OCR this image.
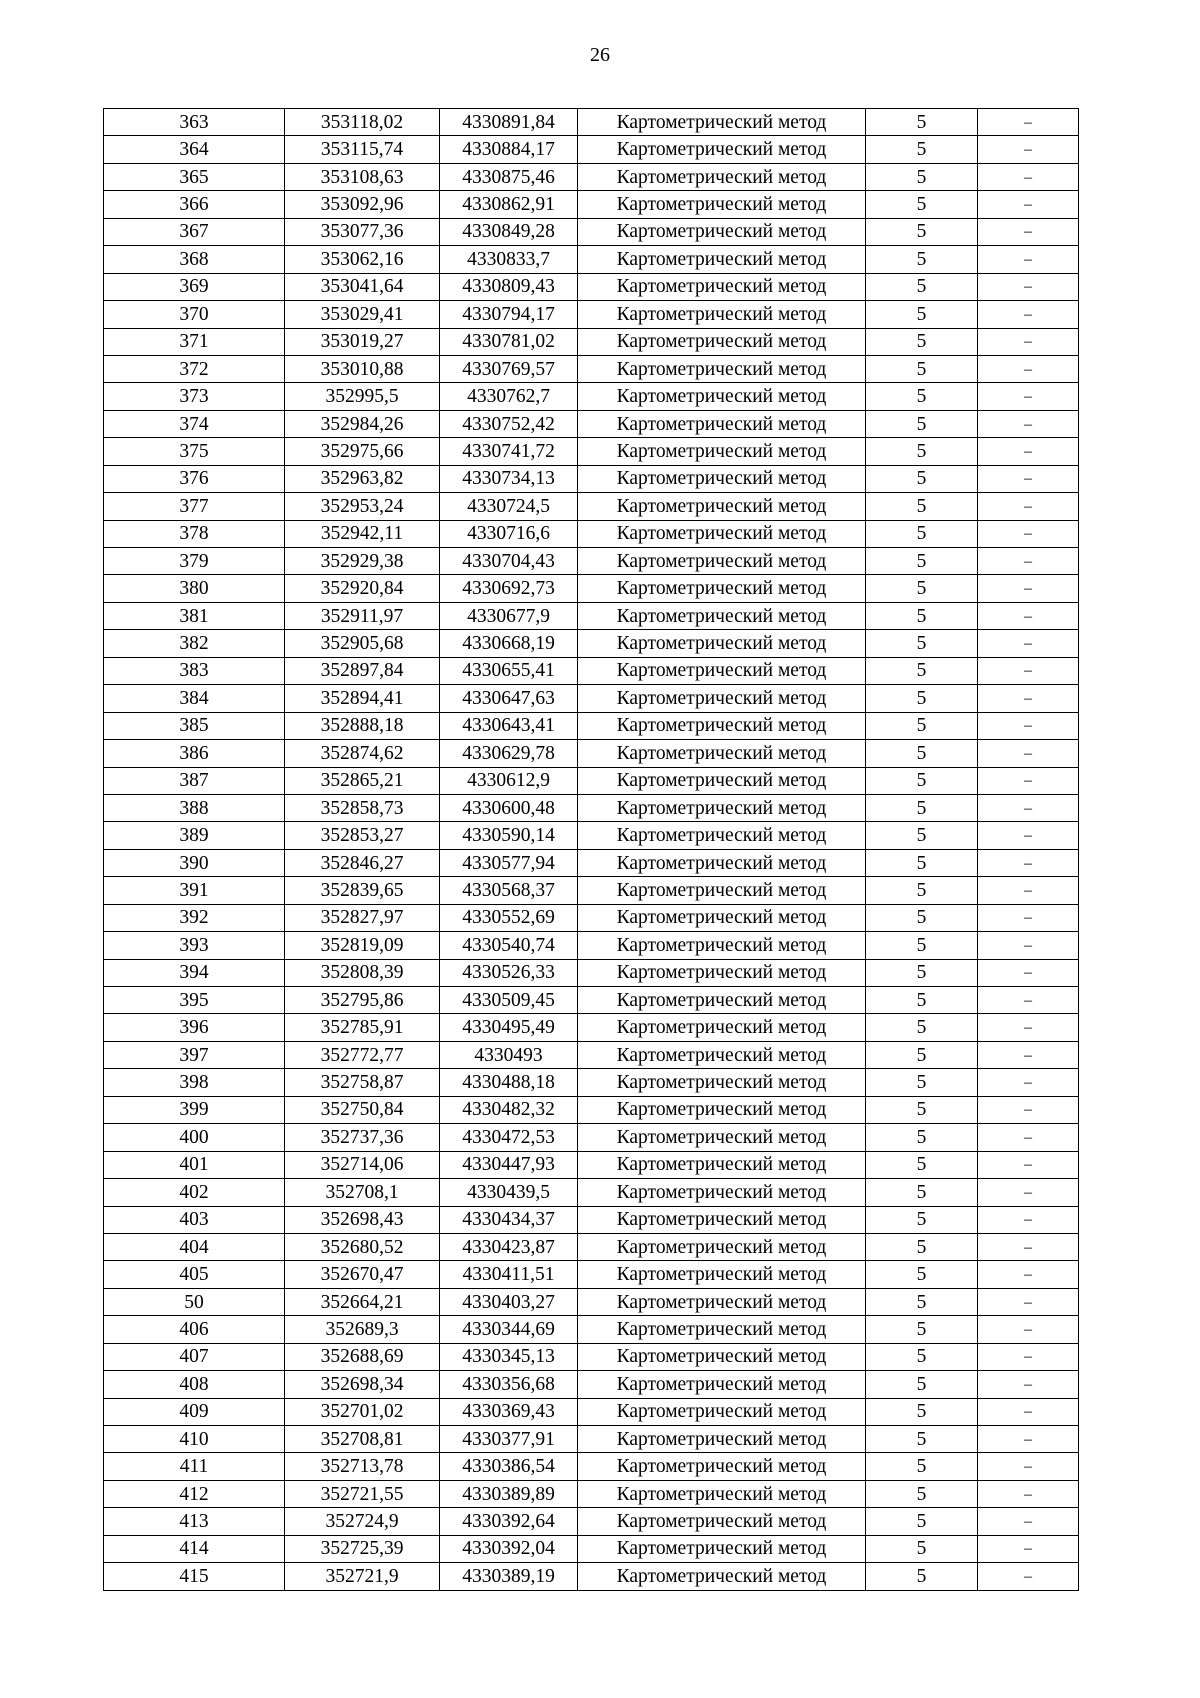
26
363	353118,02	4330891,84	Картометрический метод	5	–
364	353115,74	4330884,17	Картометрический метод	5	–
365	353108,63	4330875,46	Картометрический метод	5	–
366	353092,96	4330862,91	Картометрический метод	5	–
367	353077,36	4330849,28	Картометрический метод	5	–
368	353062,16	4330833,7	Картометрический метод	5	–
369	353041,64	4330809,43	Картометрический метод	5	–
370	353029,41	4330794,17	Картометрический метод	5	–
371	353019,27	4330781,02	Картометрический метод	5	–
372	353010,88	4330769,57	Картометрический метод	5	–
373	352995,5	4330762,7	Картометрический метод	5	–
374	352984,26	4330752,42	Картометрический метод	5	–
375	352975,66	4330741,72	Картометрический метод	5	–
376	352963,82	4330734,13	Картометрический метод	5	–
377	352953,24	4330724,5	Картометрический метод	5	–
378	352942,11	4330716,6	Картометрический метод	5	–
379	352929,38	4330704,43	Картометрический метод	5	–
380	352920,84	4330692,73	Картометрический метод	5	–
381	352911,97	4330677,9	Картометрический метод	5	–
382	352905,68	4330668,19	Картометрический метод	5	–
383	352897,84	4330655,41	Картометрический метод	5	–
384	352894,41	4330647,63	Картометрический метод	5	–
385	352888,18	4330643,41	Картометрический метод	5	–
386	352874,62	4330629,78	Картометрический метод	5	–
387	352865,21	4330612,9	Картометрический метод	5	–
388	352858,73	4330600,48	Картометрический метод	5	–
389	352853,27	4330590,14	Картометрический метод	5	–
390	352846,27	4330577,94	Картометрический метод	5	–
391	352839,65	4330568,37	Картометрический метод	5	–
392	352827,97	4330552,69	Картометрический метод	5	–
393	352819,09	4330540,74	Картометрический метод	5	–
394	352808,39	4330526,33	Картометрический метод	5	–
395	352795,86	4330509,45	Картометрический метод	5	–
396	352785,91	4330495,49	Картометрический метод	5	–
397	352772,77	4330493	Картометрический метод	5	–
398	352758,87	4330488,18	Картометрический метод	5	–
399	352750,84	4330482,32	Картометрический метод	5	–
400	352737,36	4330472,53	Картометрический метод	5	–
401	352714,06	4330447,93	Картометрический метод	5	–
402	352708,1	4330439,5	Картометрический метод	5	–
403	352698,43	4330434,37	Картометрический метод	5	–
404	352680,52	4330423,87	Картометрический метод	5	–
405	352670,47	4330411,51	Картометрический метод	5	–
50	352664,21	4330403,27	Картометрический метод	5	–
406	352689,3	4330344,69	Картометрический метод	5	–
407	352688,69	4330345,13	Картометрический метод	5	–
408	352698,34	4330356,68	Картометрический метод	5	–
409	352701,02	4330369,43	Картометрический метод	5	–
410	352708,81	4330377,91	Картометрический метод	5	–
411	352713,78	4330386,54	Картометрический метод	5	–
412	352721,55	4330389,89	Картометрический метод	5	–
413	352724,9	4330392,64	Картометрический метод	5	–
414	352725,39	4330392,04	Картометрический метод	5	–
415	352721,9	4330389,19	Картометрический метод	5	–
